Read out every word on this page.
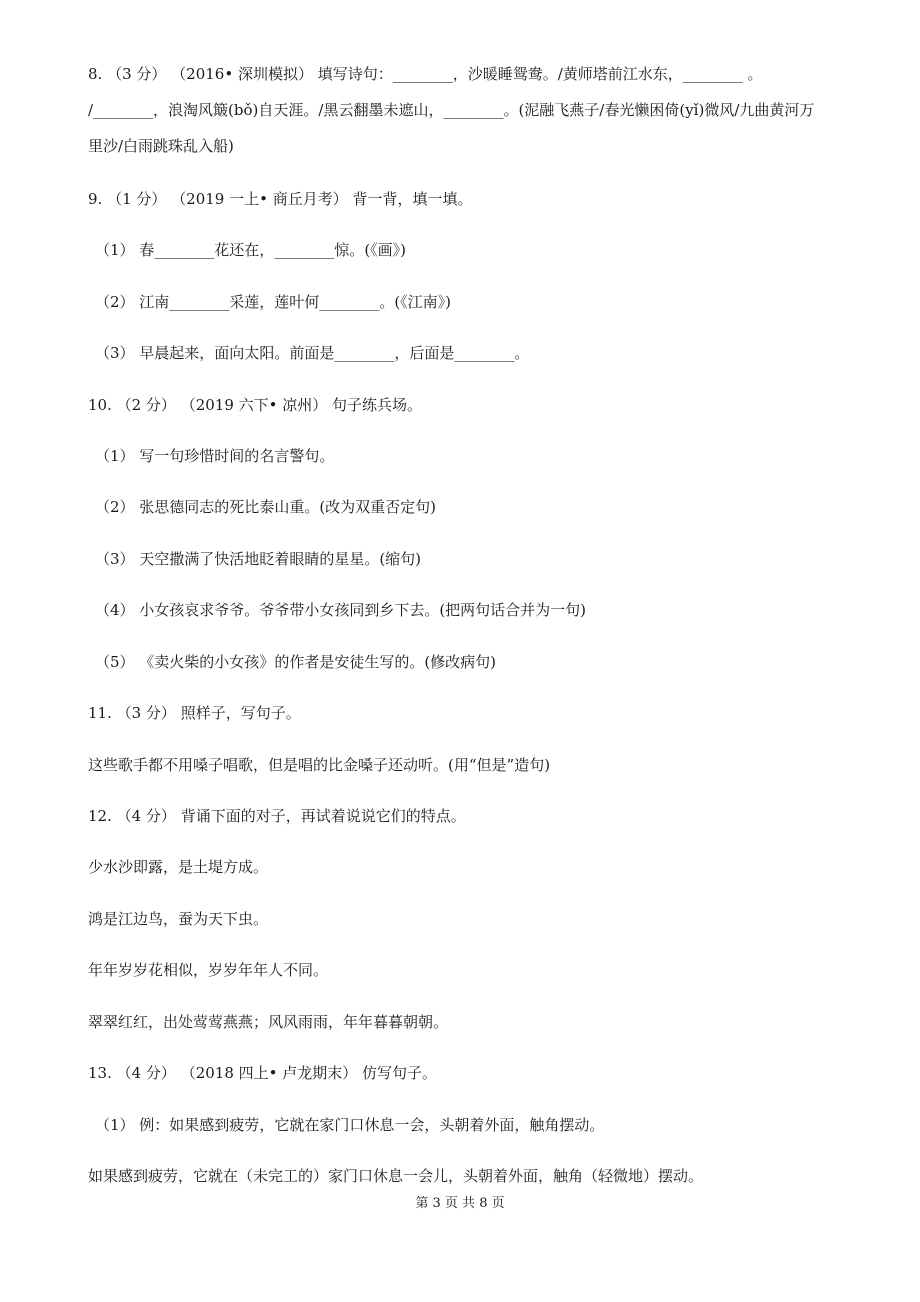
8. （3 分） （2016• 深圳模拟） 填写诗句：________，沙暖睡鸳鸯。/黄师塔前江水东，________ 。
/________，浪淘风簸(bǒ)自天涯。/黑云翻墨未遮山，________。(泥融飞燕子/春光懒困倚(yǐ)微风/九曲黄河万
里沙/白雨跳珠乱入船)
9. （1 分） （2019 一上• 商丘月考） 背一背，填一填。
（1） 春________花还在，________惊。(《画》)
（2） 江南________采莲，莲叶何________。(《江南》)
（3） 早晨起来，面向太阳。前面是________，后面是________。
10. （2 分） （2019 六下• 凉州） 句子练兵场。
（1） 写一句珍惜时间的名言警句。
（2） 张思德同志的死比泰山重。(改为双重否定句)
（3） 天空撒满了快活地眨着眼睛的星星。(缩句)
（4） 小女孩哀求爷爷。爷爷带小女孩同到乡下去。(把两句话合并为一句)
（5） 《卖火柴的小女孩》的作者是安徒生写的。(修改病句)
11. （3 分） 照样子，写句子。
这些歌手都不用嗓子唱歌，但是唱的比金嗓子还动听。(用“但是”造句)
12. （4 分） 背诵下面的对子，再试着说说它们的特点。
少水沙即露，是土堤方成。
鸿是江边鸟，蚕为天下虫。
年年岁岁花相似，岁岁年年人不同。
翠翠红红，出处莺莺燕燕；风风雨雨，年年暮暮朝朝。
13. （4 分） （2018 四上• 卢龙期末） 仿写句子。
（1） 例：如果感到疲劳，它就在家门口休息一会，头朝着外面，触角摆动。
如果感到疲劳，它就在（未完工的）家门口休息一会儿，头朝着外面，触角（轻微地）摆动。
第 3 页 共 8 页
